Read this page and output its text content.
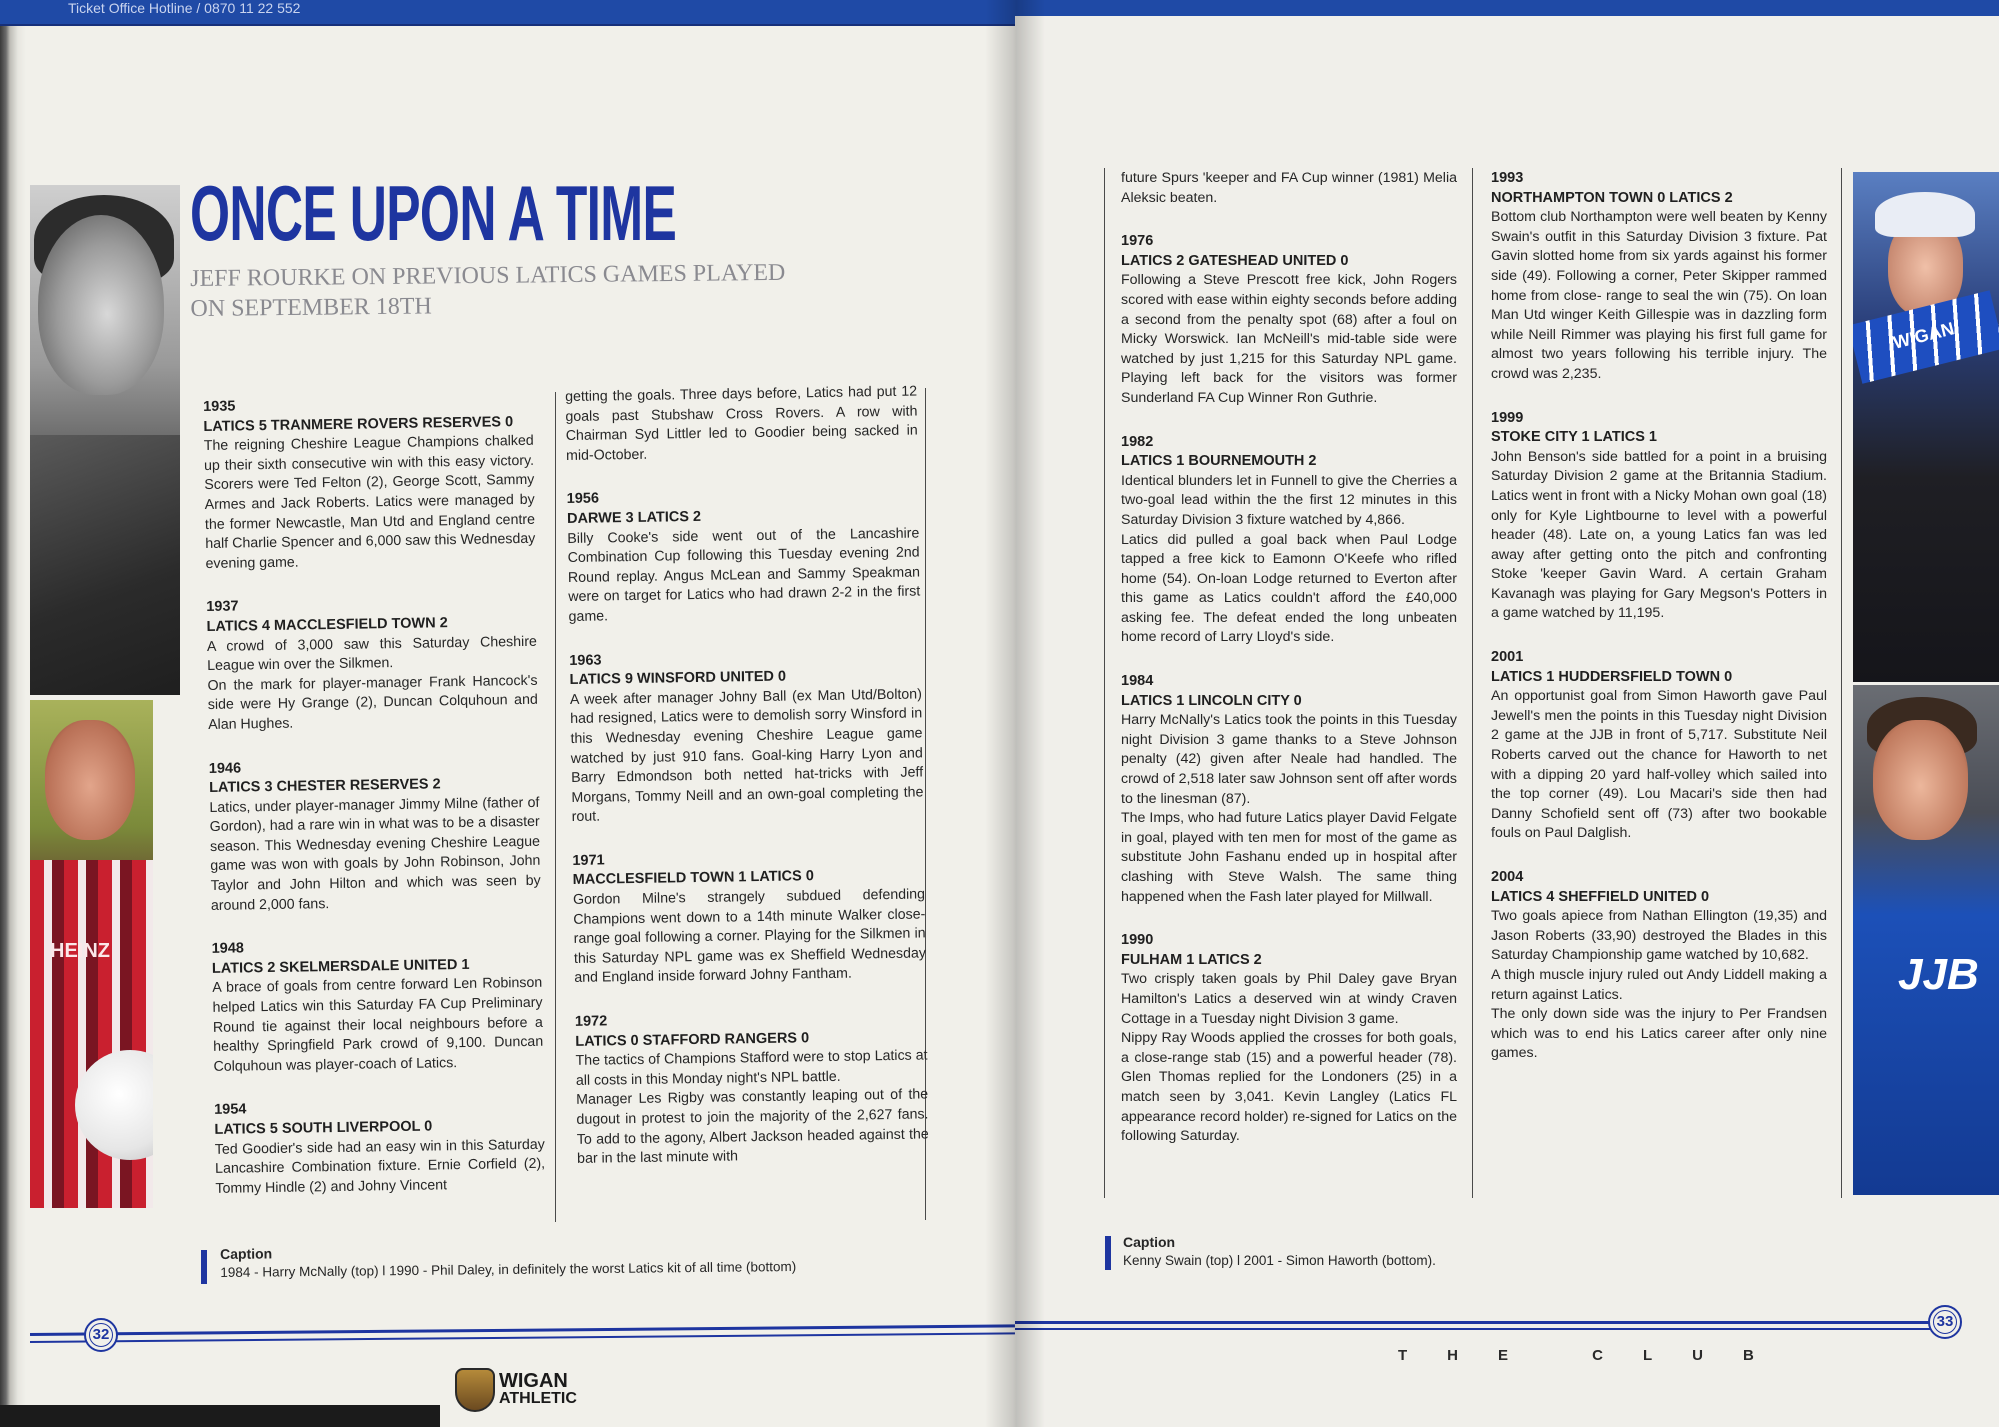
Ticket Office Hotline / 0870 11 22 552
HEINZ
ONCE UPON A TIME
JEFF ROURKE ON PREVIOUS LATICS GAMES PLAYED ON SEPTEMBER 18TH
1935
LATICS 5 TRANMERE ROVERS RESERVES 0

The reigning Cheshire League Champions chalked up their sixth consecutive win with this easy victory. Scorers were Ted Felton (2), George Scott, Sammy Armes and Jack Roberts. Latics were managed by the former Newcastle, Man Utd and England centre half Charlie Spencer and 6,000 saw this Wednesday evening game.

1937
LATICS 4 MACCLESFIELD TOWN 2

A crowd of 3,000 saw this Saturday Cheshire League win over the Silkmen.

On the mark for player-manager Frank Hancock's side were Hy Grange (2), Duncan Colquhoun and Alan Hughes.

1946
LATICS 3 CHESTER RESERVES 2

Latics, under player-manager Jimmy Milne (father of Gordon), had a rare win in what was to be a disaster season. This Wednesday evening Cheshire League game was won with goals by John Robinson, John Taylor and John Hilton and which was seen by around 2,000 fans.

1948
LATICS 2 SKELMERSDALE UNITED 1

A brace of goals from centre forward Len Robinson helped Latics win this Saturday FA Cup Preliminary Round tie against their local neighbours before a healthy Springfield Park crowd of 9,100. Duncan Colquhoun was player-coach of Latics.

1954
LATICS 5 SOUTH LIVERPOOL 0

Ted Goodier's side had an easy win in this Saturday Lancashire Combination fixture. Ernie Corfield (2), Tommy Hindle (2) and Johny Vincent

getting the goals. Three days before, Latics had put 12 goals past Stubshaw Cross Rovers. A row with Chairman Syd Littler led to Goodier being sacked in mid-October.

1956
DARWE 3 LATICS 2

Billy Cooke's side went out of the Lancashire Combination Cup following this Tuesday evening 2nd Round replay. Angus McLean and Sammy Speakman were on target for Latics who had drawn 2-2 in the first game.

1963
LATICS 9 WINSFORD UNITED 0

A week after manager Johny Ball (ex Man Utd/Bolton) had resigned, Latics were to demolish sorry Winsford in this Wednesday evening Cheshire League game watched by just 910 fans. Goal-king Harry Lyon and Barry Edmondson both netted hat-tricks with Jeff Morgans, Tommy Neill and an own-goal completing the rout.

1971
MACCLESFIELD TOWN 1 LATICS 0

Gordon Milne's strangely subdued defending Champions went down to a 14th minute Walker close-range goal following a corner. Playing for the Silkmen in this Saturday NPL game was ex Sheffield Wednesday and England inside forward Johny Fantham.

1972
LATICS 0 STAFFORD RANGERS 0

The tactics of Champions Stafford were to stop Latics at all costs in this Monday night's NPL battle.

Manager Les Rigby was constantly leaping out of the dugout in protest to join the majority of the 2,627 fans. To add to the agony, Albert Jackson headed against the bar in the last minute with

Caption
1984 - Harry McNally (top) l 1990 - Phil Daley, in definitely the worst Latics kit of all time (bottom)
32
WIGAN
ATHLETIC

future Spurs 'keeper and FA Cup winner (1981) Melia Aleksic beaten.

1976
LATICS 2 GATESHEAD UNITED 0

Following a Steve Prescott free kick, John Rogers scored with ease within eighty seconds before adding a second from the penalty spot (68) after a foul on Micky Worswick. Ian McNeill's mid-table side were watched by just 1,215 for this Saturday NPL game. Playing left back for the visitors was former Sunderland FA Cup Winner Ron Guthrie.

1982
LATICS 1 BOURNEMOUTH 2

Identical blunders let in Funnell to give the Cherries a two-goal lead within the the first 12 minutes in this Saturday Division 3 fixture watched by 4,866.

Latics did pulled a goal back when Paul Lodge tapped a free kick to Eamonn O'Keefe who rifled home (54). On-loan Lodge returned to Everton after this game as Latics couldn't afford the £40,000 asking fee. The defeat ended the long unbeaten home record of Larry Lloyd's side.

1984
LATICS 1 LINCOLN CITY 0

Harry McNally's Latics took the points in this Tuesday night Division 3 game thanks to a Steve Johnson penalty (42) given after Neale had handled. The crowd of 2,518 later saw Johnson sent off after words to the linesman (87).

The Imps, who had future Latics player David Felgate in goal, played with ten men for most of the game as substitute John Fashanu ended up in hospital after clashing with Steve Walsh. The same thing happened when the Fash later played for Millwall.

1990
FULHAM 1 LATICS 2

Two crisply taken goals by Phil Daley gave Bryan Hamilton's Latics a deserved win at windy Craven Cottage in a Tuesday night Division 3 game.

Nippy Ray Woods applied the crosses for both goals, a close-range stab (15) and a powerful header (78). Glen Thomas replied for the Londoners (25) in a match seen by 3,041. Kevin Langley (Latics FL appearance record holder) re-signed for Latics on the following Saturday.

1993
NORTHAMPTON TOWN 0 LATICS 2

Bottom club Northampton were well beaten by Kenny Swain's outfit in this Saturday Division 3 fixture. Pat Gavin slotted home from six yards against his former side (49). Following a corner, Peter Skipper rammed home from close- range to seal the win (75). On loan Man Utd winger Keith Gillespie was in dazzling form while Neill Rimmer was playing his first full game for almost two years following his terrible injury. The crowd was 2,235.

1999
STOKE CITY 1 LATICS 1

John Benson's side battled for a point in a bruising Saturday Division 2 game at the Britannia Stadium. Latics went in front with a Nicky Mohan own goal (18) only for Kyle Lightbourne to level with a powerful header (48). Late on, a young Latics fan was led away after getting onto the pitch and confronting Stoke 'keeper Gavin Ward. A certain Graham Kavanagh was playing for Gary Megson's Potters in a game watched by 11,195.

2001
LATICS 1 HUDDERSFIELD TOWN 0

An opportunist goal from Simon Haworth gave Paul Jewell's men the points in this Tuesday night Division 2 game at the JJB in front of 5,717. Substitute Neil Roberts carved out the chance for Haworth to net with a dipping 20 yard half-volley which sailed into the top corner (49). Lou Macari's side then had Danny Schofield sent off (73) after two bookable fouls on Paul Dalglish.

2004
LATICS 4 SHEFFIELD UNITED 0

Two goals apiece from Nathan Ellington (19,35) and Jason Roberts (33,90) destroyed the Blades in this Saturday Championship game watched by 10,682.

A thigh muscle injury ruled out Andy Liddell making a return against Latics.

The only down side was the injury to Per Frandsen which was to end his Latics career after only nine games.

WIGAN
JJB
Caption
Kenny Swain (top) l 2001 - Simon Haworth (bottom).
33
THE CLUB
